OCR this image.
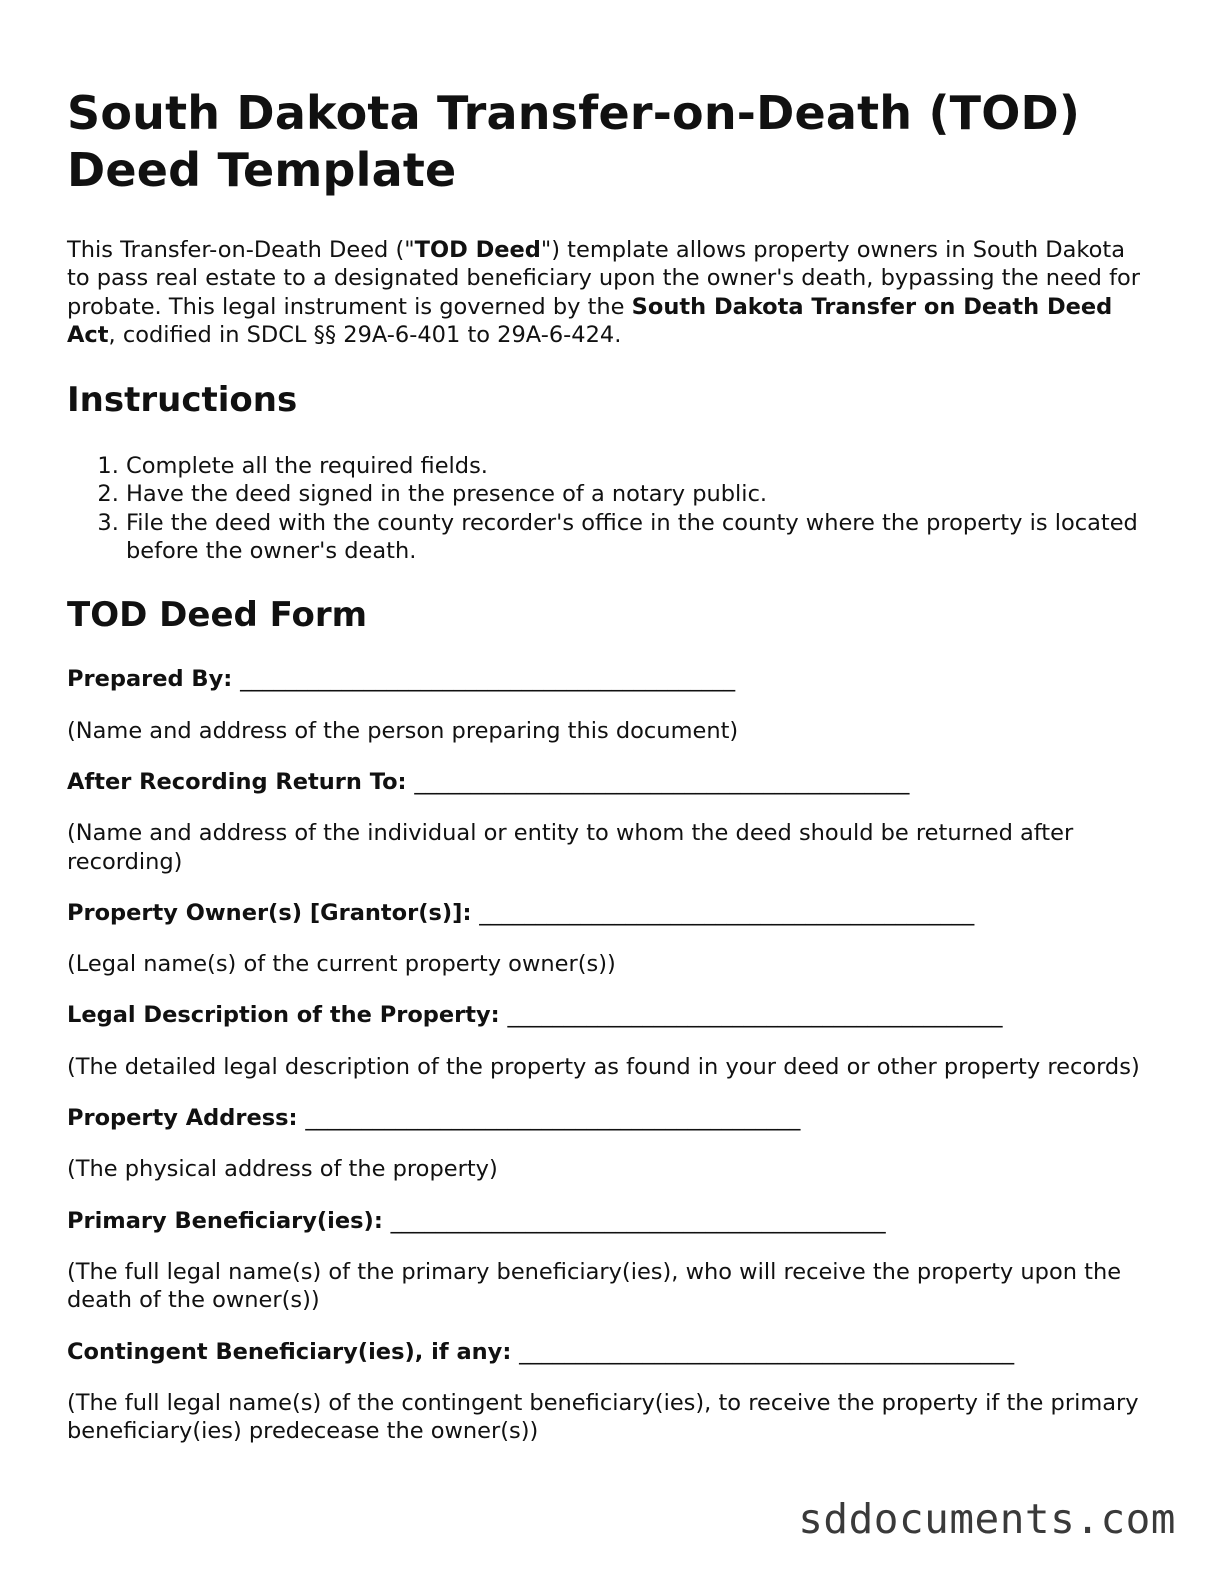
South Dakota Transfer-on-Death (TOD) Deed Template

This Transfer-on-Death Deed ("TOD Deed") template allows property owners in South Dakota to pass real estate to a designated beneficiary upon the owner's death, bypassing the need for probate. This legal instrument is governed by the South Dakota Transfer on Death Deed Act, codified in SDCL §§ 29A-6-401 to 29A-6-424.

Instructions
1. Complete all the required fields.
2. Have the deed signed in the presence of a notary public.
3. File the deed with the county recorder's office in the county where the property is located before the owner's death.
TOD Deed Form

Prepared By: ____________________________________________

(Name and address of the person preparing this document)

After Recording Return To: ____________________________________________

(Name and address of the individual or entity to whom the deed should be returned after recording)

Property Owner(s) [Grantor(s)]: ____________________________________________

(Legal name(s) of the current property owner(s))

Legal Description of the Property: ____________________________________________

(The detailed legal description of the property as found in your deed or other property records)

Property Address: ____________________________________________

(The physical address of the property)

Primary Beneficiary(ies): ____________________________________________

(The full legal name(s) of the primary beneficiary(ies), who will receive the property upon the death of the owner(s))

Contingent Beneficiary(ies), if any: ____________________________________________

(The full legal name(s) of the contingent beneficiary(ies), to receive the property if the primary beneficiary(ies) predecease the owner(s))

sddocuments.com
